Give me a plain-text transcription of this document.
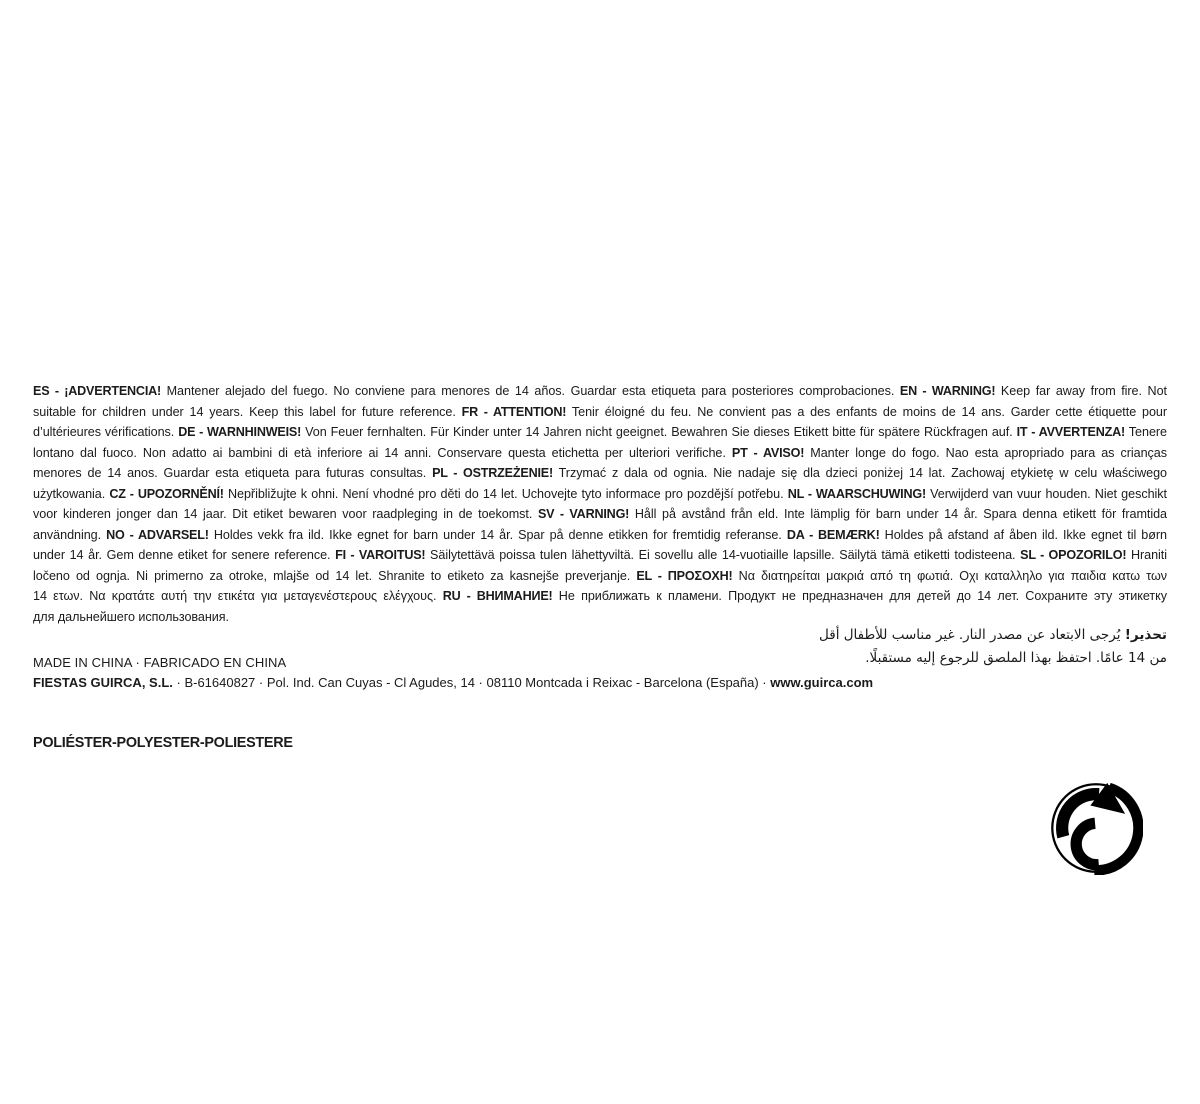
ES - ¡ADVERTENCIA! Mantener alejado del fuego. No conviene para menores de 14 años. Guardar esta etiqueta para posteriores comprobaciones. EN - WARNING! Keep far away from fire. Not
suitable for children under 14 years. Keep this label for future reference. FR - ATTENTION! Tenir éloigné du feu. Ne convient pas a des enfants de moins de 14 ans. Garder cette étiquette pour
d’ultérieures vérifications. DE - WARNHINWEIS! Von Feuer fernhalten. Für Kinder unter 14 Jahren nicht geeignet. Bewahren Sie dieses Etikett bitte für spätere Rückfragen auf. IT - AVVERTENZA! Tenere
lontano dal fuoco. Non adatto ai bambini di età inferiore ai 14 anni. Conservare questa etichetta per ulteriori verifiche. PT - AVISO! Manter longe do fogo. Nao esta apropriado para as crianças
menores de 14 anos. Guardar esta etiqueta para futuras consultas. PL - OSTRZEŻENIE! Trzymać z dala od ognia. Nie nadaje się dla dzieci poniżej 14 lat. Zachowaj etykietę w celu właściwego
użytkowania. CZ - UPOZORNĚNÍ! Nepřibližujte k ohni. Není vhodné pro děti do 14 let. Uchovejte tyto informace pro pozdější potřebu. NL - WAARSCHUWING! Verwijderd van vuur houden. Niet geschikt
voor kinderen jonger dan 14 jaar. Dit etiket bewaren voor raadpleging in de toekomst. SV - VARNING! Håll på avstånd från eld. Inte lämplig för barn under 14 år. Spara denna etikett för framtida
användning. NO - ADVARSEL! Holdes vekk fra ild. Ikke egnet for barn under 14 år. Spar på denne etikken for fremtidig referanse. DA - BEMÆRK! Holdes på afstand af åben ild. Ikke egnet til børn
under 14 år. Gem denne etiket for senere reference. FI - VAROITUS! Säilytettävä poissa tulen lähettyviltä. Ei sovellu alle 14-vuotiaille lapsille. Säilytä tämä etiketti todisteena. SL - OPOZORILO! Hraniti
ločeno od ognja. Ni primerno za otroke, mlajše od 14 let. Shranite to etiketo za kasnejše preverjanje. EL - ΠΡΟΣΟΧΗ! Να διατηρείται μακριά από τη φωτιά. Οχι καταλληλο για παιδια κατω των
14 ετων. Να κρατάτε αυτή την ετικέτα για μεταγενέστερους ελέγχους. RU - ВНИМАНИЕ! Не приближать к пламени. Продукт не предназначен для детей до 14 лет. Сохраните эту этикетку
для дальнейшего использования.
تحذير! يُرجى الابتعاد عن مصدر النار. غير مناسب للأطفال أقل
من 14 عامًا. احتفظ بهذا الملصق للرجوع إليه مستقبلًا.
MADE IN CHINA · FABRICADO EN CHINA
FIESTAS GUIRCA, S.L. · B-61640827 · Pol. Ind. Can Cuyas - Cl Agudes, 14 · 08110 Montcada i Reixac - Barcelona (España) · www.guirca.com
POLIÉSTER-POLYESTER-POLIESTERE
